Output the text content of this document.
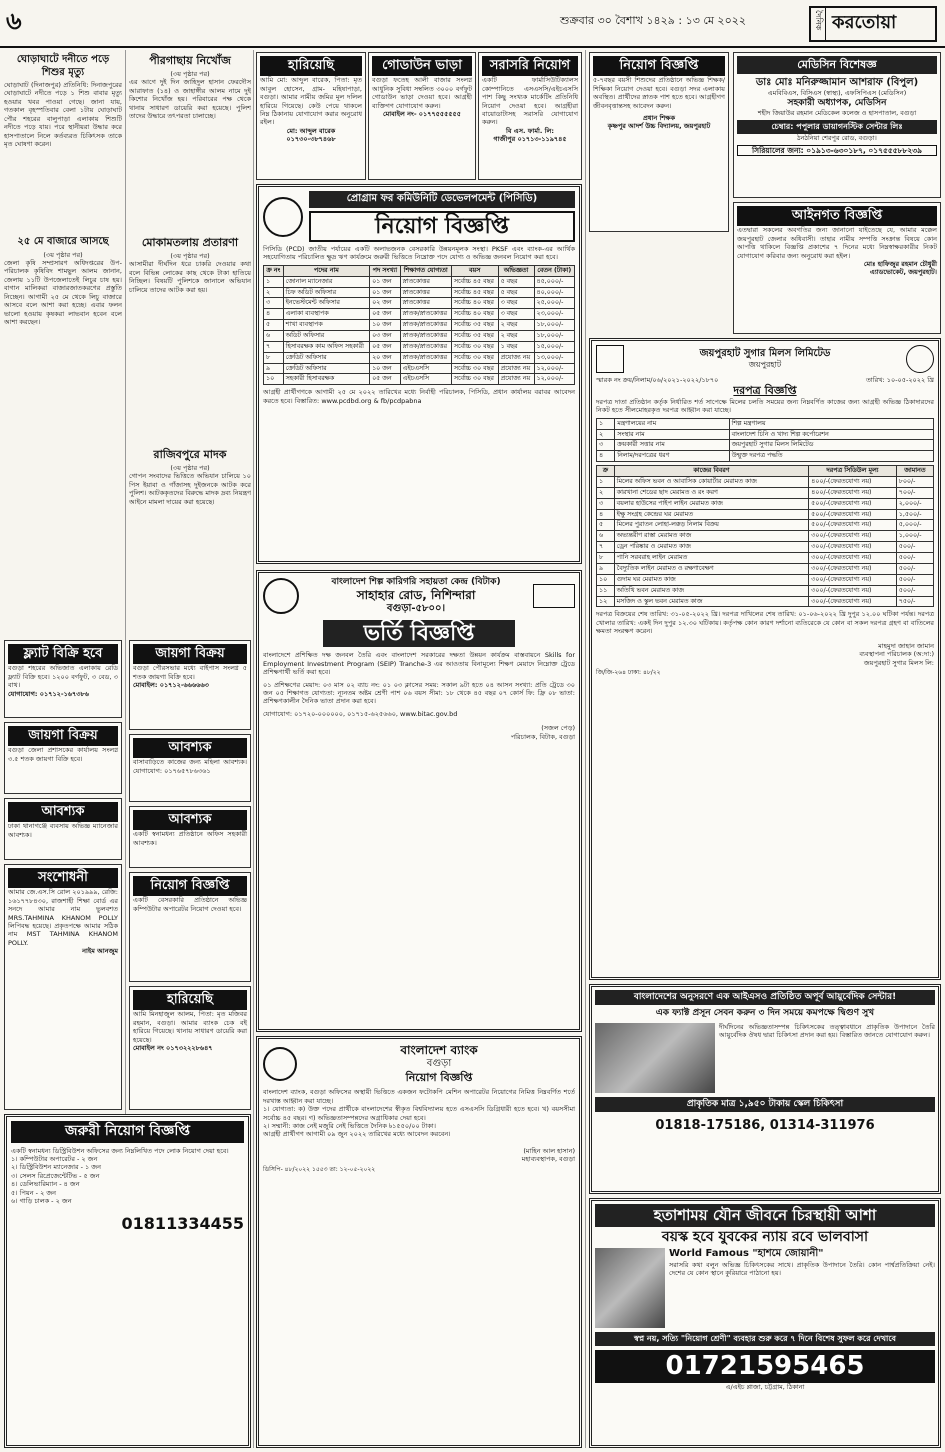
৬	শুক্রবার ৩০ বৈশাখ ১৪২৯ : ১৩ মে ২০২২	দৈনিক করতোয়া
ঘোড়াঘাটে দনীতে পড়ে শিশুর মৃত্যু
ঘোড়াঘাট (দিনাজপুর) প্রতিনিধি: দিনাজপুরের ঘোড়াঘাটে নদীতে পড়ে ১ শিশু বাবার মৃত্যু হওয়ার খবর পাওয়া গেছে। জানা যায়, গতকাল বৃহস্পতিবার বেলা ১টায় ঘোড়াঘাট পৌর শহরের বালুপাড়া এলাকায় শিশুটি নদীতে পড়ে যায়। পরে স্থানীয়রা উদ্ধার করে হাসপাতালে নিলে কর্তব্যরত চিকিৎসক তাকে মৃত ঘোষণা করেন।
২৫ মে বাজারে আসছে
(৩য় পৃষ্ঠার পর)
জেলা কৃষি সম্প্রসারণ অধিদপ্তরের উপ-পরিচালক কৃষিবিদ শামছুল আলম জানান, জেলায় ১১টি উপজেলাতেই লিচুর চাষ হয়। বাগান মালিকরা বাজারজাতকরণের প্রস্তুতি নিচ্ছেন। আগামী ২৫ মে থেকে লিচু বাজারে আসবে বলে আশা করা হচ্ছে। এবার ফলন ভালো হওয়ায় কৃষকরা লাভবান হবেন বলে আশা করছেন।
পীরগাছায় নিখোঁজ
(৩য় পৃষ্ঠার পর)
এর আগে দুই দিন জাহিদুল হাসান ফেরদৌস আরাফাত (১৪) ও জাহাঙ্গীর আলম নামে দুই কিশোর নিখোঁজ হয়। পরিবারের পক্ষ থেকে থানায় সাধারণ ডায়েরি করা হয়েছে। পুলিশ তাদের উদ্ধারে তৎপরতা চালাচ্ছে।
মোকামতলায় প্রতারণা
(৩য় পৃষ্ঠার পর)
আসামীরা দীর্ঘদিন ধরে চাকরি দেওয়ার কথা বলে বিভিন্ন লোকের কাছ থেকে টাকা হাতিয়ে নিচ্ছিল। বিষয়টি পুলিশকে জানালে অভিযান চালিয়ে তাদের আটক করা হয়।
রাজিবপুরে মাদক
(৩য় পৃষ্ঠার পর)
গোপন সংবাদের ভিত্তিতে অভিযান চালিয়ে ১০ পিস ইয়াবা ও গাঁজাসহ দুইজনকে আটক করে পুলিশ। আটককৃতদের বিরুদ্ধে মাদক দ্রব্য নিয়ন্ত্রণ আইনে মামলা দায়ের করা হয়েছে।
হারিয়েছি
আমি মো: আব্দুল বারেক, পিতা: মৃত আবুল হোসেন, গ্রাম- মহিষাপাড়া, বগুড়া। আমার নামীয় জমির মূল দলিল হারিয়ে গিয়েছে। কেউ পেয়ে থাকলে নিম্ন ঠিকানায় যোগাযোগ করার অনুরোধ রইল।
মো: আব্দুল বারেক
০১৭৩০-৩৮৭৪৬৮
গোডাউন ভাড়া
বগুড়া ফতেহ আলী বাজার সংলগ্ন আধুনিক সুবিধা সম্বলিত ৩০০০ বর্গফুট গোডাউন ভাড়া দেওয়া হবে। আগ্রহী ব্যক্তিগণ যোগাযোগ করুন।
মোবাইল নং- ০১৭৭৫৫৫৫৫৫
সরাসরি নিয়োগ
একটি ফার্মাসিউটিক্যালস কোম্পানিতে এসএসসি/এইচএসসি পাশ কিছু সংখ্যক মার্কেটিং প্রতিনিধি নিয়োগ দেওয়া হবে। আগ্রহীরা বায়োডাটাসহ সরাসরি যোগাযোগ করুন।
বি এস. ফার্মা. লি:
গাজীপুর ০১৭১৩-১১৯৭৪৫
প্রোগ্রাম ফর কমিউনিটি ডেভেলপমেন্ট (পিসিডি)
নিয়োগ বিজ্ঞপ্তি
পিসিডি (PCD) জাতীয় পর্যায়ের একটি অলাভজনক বেসরকারি উন্নয়নমূলক সংস্থা। PKSF এবং ব্যাংক-এর আর্থিক সহযোগিতায় পরিচালিত ক্ষুদ্র ঋণ কার্যক্রমে জরুরী ভিত্তিতে নিম্নোক্ত পদে যোগ্য ও অভিজ্ঞ জনবল নিয়োগ করা হবে।
ক্র নং	পদের নাম	পদ সংখ্যা	শিক্ষাগত যোগ্যতা	বয়স	অভিজ্ঞতা	বেতন (টাকা)
১	জোনাল ম্যানেজার	০১ জন	স্নাতকোত্তর	সর্বোচ্চ ৪৫ বছর	৫ বছর	৪৫,০০০/-
২	চিফ অডিট অফিসার	০১ জন	স্নাতকোত্তর	সর্বোচ্চ ৪৫ বছর	৫ বছর	৪০,০০০/-
৩	ইনভেস্টমেন্ট অফিসার	০২ জন	স্নাতকোত্তর	সর্বোচ্চ ৪০ বছর	৩ বছর	২৫,০০০/-
৪	এলাকা ব্যবস্থাপক	০৫ জন	স্নাতক/স্নাতকোত্তর	সর্বোচ্চ ৪০ বছর	৩ বছর	২৩,০০০/-
৫	শাখা ব্যবস্থাপক	১০ জন	স্নাতক/স্নাতকোত্তর	সর্বোচ্চ ৩৫ বছর	২ বছর	১৮,০০০/-
৬	অডিট অফিসার	০৩ জন	স্নাতক/স্নাতকোত্তর	সর্বোচ্চ ৩৫ বছর	২ বছর	১৮,০০০/-
৭	হিসাবরক্ষক কাম অফিস সহকারী	০৫ জন	স্নাতক/স্নাতকোত্তর	সর্বোচ্চ ৩০ বছর	১ বছর	১৫,০০০/-
৮	ক্রেডিট অফিসার	২০ জন	স্নাতক/স্নাতকোত্তর	সর্বোচ্চ ৩০ বছর	প্রযোজ্য নয়	১৩,০০০/-
৯	ক্রেডিট অফিসার	১০ জন	এইচএসসি	সর্বোচ্চ ৩০ বছর	প্রযোজ্য নয়	১২,০০০/-
১০	সহকারী হিসাবরক্ষক	০৫ জন	এইচএসসি	সর্বোচ্চ ৩০ বছর	প্রযোজ্য নয়	১২,০০০/-
আগ্রহী প্রার্থীগণকে আগামী ২৫ মে ২০২২ তারিখের মধ্যে নির্বাহী পরিচালক, পিসিডি, প্রধান কার্যালয় বরাবর আবেদন করতে হবে। বিস্তারিত: www.pcdbd.org & fb/pcdpabna
বাংলাদেশ শিল্প কারিগরি সহায়তা কেন্দ্র (বিটাক)
সাহাহার রোড, নিশিন্দারা
বগুড়া-৫৮০০।
ভর্তি বিজ্ঞপ্তি
বাংলাদেশে প্রশিক্ষিত দক্ষ জনবল তৈরি এবং বাংলাদেশ সরকারের দক্ষতা উন্নয়ন কার্যক্রম বাস্তবায়নে Skills for Employment Investment Program (SEIP) Tranche-3 এর আওতায় বিনামূল্যে শিক্ষণ মেয়াদে নিম্নোক্ত ট্রেডে প্রশিক্ষণার্থী ভর্তি করা হবে।
০১ প্রশিক্ষণের মেয়াদ: ০৩ মাস ০২ ব্যাচ নং: ০১ ০৩ ক্লাসের সময়: সকাল ৯টা হতে ০৪ আসন সংখ্যা: প্রতি ট্রেডে ৩০ জন ০৫ শিক্ষাগত যোগ্যতা: ন্যূনতম অষ্টম শ্রেণী পাশ ০৬ বয়স সীমা: ১৮ থেকে ৪৫ বছর ০৭ কোর্স ফি: ফ্রি ০৮ ভাতা: প্রশিক্ষণকালীন দৈনিক ভাতা প্রদান করা হবে।
যোগাযোগ: ০১৭২০-০০০০০০, ০১৭১৫-৬২৫৬৬০, www.bitac.gov.bd
(সজল পেড়)
পরিচালক, বিটাক, বগুড়া
বাংলাদেশ ব্যাংক
বগুড়া
নিয়োগ বিজ্ঞপ্তি
বাংলাদেশ ব্যাংক, বগুড়া অফিসের অস্থায়ী ভিত্তিতে একজন ফটোকপি মেশিন অপারেটর নিয়োগের নিমিত্ত নিম্নবর্ণিত শর্তে দরখাস্ত আহ্বান করা যাচ্ছে।
১। যোগ্যতা: ক) উক্ত পদের প্রার্থীকে বাংলাদেশের স্বীকৃত বিশ্ববিদ্যালয় হতে এসএসসি ডিগ্রিধারী হতে হবে। খ) বয়সসীমা সর্বোচ্চ ৪৫ বছর। গ) অভিজ্ঞতাসম্পন্নদের অগ্রাধিকার দেয়া হবে।
২। সম্মানী: কাজ নেই মজুরি নেই ভিত্তিতে দৈনিক ৳১৫৫০/০০ টাকা।
আগ্রহী প্রার্থীগণ আগামী ০৯ জুন ২০২২ তারিখের মধ্যে আবেদন করবেন।
(মাহিন আল হাসান)
মহাব্যবস্থাপক, বগুড়া
ডিসিপি- ৪৮/২০২২ ১৫৫৩ তা: ১২-০৫-২০২২
ফ্ল্যাট বিক্রি হবে
বগুড়া শহরের অভিজাত এলাকায় রেডি ফ্ল্যাট বিক্রি হবে। ১২০০ বর্গফুট, ৩ বেড, ৩ বাথ।
যোগাযোগ: ০১৭১২-১৬৭৩৮৬
জায়গা বিক্রয়
বগুড়া পৌরসভার মধ্যে বাইপাস সংলগ্ন ৫ শতক জায়গা বিক্রি হবে।
মোবাইল: ০১৭১২-৬৬৬৬৬৩
জায়গা বিক্রয়
বগুড়া জেলা প্রশাসকের কার্যালয় সংলগ্ন ৩.৫ শতক জায়গা বিক্রি হবে।
আবশ্যক
বাসাবাড়িতে কাজের জন্য মহিলা আবশ্যক। যোগাযোগ: ০১৭৬৫৭৮৬৩৬১
আবশ্যক
ঢাকা থানাগঞ্জে ব্যবসায় অভিজ্ঞ ম্যানেজার আবশ্যক।
আবশ্যক
একটি স্বনামধন্য প্রতিষ্ঠানে অফিস সহকারী আবশ্যক।
সংশোধনী
আমার জে.এস.সি রোল ২০১৯৯৯, রেজি: ১৬১৭৭৮৪৩০, রাজশাহী শিক্ষা বোর্ড এর সনদে আমার নাম ভুলবশত MRS.TAHMINA KHANOM POLLY লিপিবদ্ধ হয়েছে। প্রকৃতপক্ষে আমার সঠিক নাম MST TAHMINA KHANOM POLLY.
নাইম আনজুম
নিয়োগ বিজ্ঞপ্তি
একটি বেসরকারি প্রতিষ্ঠানে অভিজ্ঞ কম্পিউটার অপারেটর নিয়োগ দেওয়া হবে।
হারিয়েছি
আমি মিনহাজুল আলম, পিতা: মৃত মজিবর রহমান, বগুড়া। আমার ব্যাংক চেক বই হারিয়ে গিয়েছে। থানায় সাধারণ ডায়েরি করা হয়েছে।
মোবাইল নং ০১৭৩২২২৮৬৪৭
জরুরী নিয়োগ বিজ্ঞপ্তি
একটি স্বনামধন্য ডিস্ট্রিবিউশন অফিসের জন্য নিম্নলিখিত পদে লোক নিয়োগ দেয়া হবে।
১। কম্পিউটার অপারেটর - ২ জন
২। ডিস্ট্রিবিউশন ম্যানেজার - ১ জন
৩। সেলস রিপ্রেজেন্টেটিভ - ৫ জন
৪। ডেলিভারিম্যান - ৪ জন
৫। পিয়ন - ২ জন
৬। গাড়ি চালক - ২ জন
01811334455
নিয়োগ বিজ্ঞপ্তি
৫-৭বছর বয়সী শিশুদের প্রতিষ্ঠানে অভিজ্ঞ শিক্ষক/শিক্ষিকা নিয়োগ দেওয়া হবে। বগুড়া সদর এলাকায় অবস্থিত। প্রার্থীদের স্নাতক পাশ হতে হবে। আগ্রহীগণ জীবনবৃত্তান্তসহ আবেদন করুন।
প্রধান শিক্ষক
কৃষ্ণপুর আদর্শ উচ্চ বিদ্যালয়, জয়পুরহাট
মেডিসিন বিশেষজ্ঞ
ডাঃ মোঃ মনিরুজ্জামান আশরাফ (বিপুল)
এমবিবিএস, বিসিএস (স্বাস্থ্য), এফসিপিএস (মেডিসিন)
সহকারী অধ্যাপক, মেডিসিন
শহীদ জিয়াউর রহমান মেডিকেল কলেজ ও হাসপাতাল, বগুড়া
চেম্বার: পপুলার ডায়াগনস্টিক সেন্টার লিঃ
ঠনঠনিয়া শেরপুর রোড, বগুড়া।
সিরিয়ালের জন্য: ০১৯১৩-৬৩০১৮৭, ০১৭৫৫৫৮৮২৩৯
আইনগত বিজ্ঞপ্তি
এতদ্বারা সকলের অবগতির জন্য জানানো যাইতেছে যে, আমার মক্কেল জয়পুরহাট জেলার অধিবাসী। তাহার নামীয় সম্পত্তি সংক্রান্ত বিষয়ে কোন আপত্তি থাকিলে বিজ্ঞপ্তি প্রকাশের ৭ দিনের মধ্যে নিম্নস্বাক্ষরকারীর নিকট যোগাযোগ করিবার জন্য অনুরোধ করা হইল।
মোঃ হাফিজুর রহমান চৌধুরী
এ্যাডভোকেট, জয়পুরহাট।
জয়পুরহাট সুগার মিলস লিমিটেড
জয়পুরহাট
স্মারক নং ক্রয়/নিলাম/০৬/২০২১-২০২২/১৮৭০	তারিখ: ১০-০৫-২০২২ খ্রি
দরপত্র বিজ্ঞপ্তি
দরপত্র দাতা প্রতিষ্ঠান কর্তৃক নির্ধারিত শর্ত সাপেক্ষে মিলের চলতি সময়ের জন্য নিম্নবর্ণিত কাজের জন্য আগ্রহী অভিজ্ঞ ঠিকাদারদের নিকট হতে সীলমোহরকৃত দরপত্র আহ্বান করা যাচ্ছে।
১	মন্ত্রণালয়ের নাম	শিল্প মন্ত্রণালয়
২	সংস্থার নাম	বাংলাদেশ চিনি ও খাদ্য শিল্প কর্পোরেশন
৩	ক্রয়কারী সত্তার নাম	জয়পুরহাট সুগার মিলস লিমিটেড
৪	নিলাম/দরপত্রের ধরণ	উন্মুক্ত দরপত্র পদ্ধতি
ক্র	কাজের বিবরণ	দরপত্র সিডিউল মূল্য	জামানত
১	মিলের অফিস ভবন ও আবাসিক কোয়ার্টার মেরামত কাজ	৪০০/-(ফেরতযোগ্য নয়)	৮০০/-
২	কারখানা শেডের ছাদ মেরামত ও রং করণ	৪০০/-(ফেরতযোগ্য নয়)	৭০০/-
৩	বয়লার হাউসের পাইপ লাইন মেরামত কাজ	৫০০/-(ফেরতযোগ্য নয়)	২,০০০/-
৪	ইক্ষু সংগ্রহ কেন্দ্রের ঘর মেরামত	৫০০/-(ফেরতযোগ্য নয়)	১,৫০০/-
৫	মিলের পুরাতন লোহা-লক্কড় নিলাম বিক্রয়	৫০০/-(ফেরতযোগ্য নয়)	৫,০০০/-
৬	অভ্যন্তরীণ রাস্তা মেরামত কাজ	৩০০/-(ফেরতযোগ্য নয়)	১,০০০/-
৭	ড্রেন পরিষ্কার ও মেরামত কাজ	৩০০/-(ফেরতযোগ্য নয়)	৫০০/-
৮	পানি সরবরাহ লাইন মেরামত	৩০০/-(ফেরতযোগ্য নয়)	৫০০/-
৯	বৈদ্যুতিক লাইন মেরামত ও রক্ষণাবেক্ষণ	৩০০/-(ফেরতযোগ্য নয়)	৫০০/-
১০	গুদাম ঘর মেরামত কাজ	৩০০/-(ফেরতযোগ্য নয়)	৫০০/-
১১	অতিথি ভবন মেরামত কাজ	৩০০/-(ফেরতযোগ্য নয়)	৫০০/-
১২	মসজিদ ও স্কুল ভবন মেরামত কাজ	৩০০/-(ফেরতযোগ্য নয়)	৭৫০/-
দরপত্র বিক্রয়ের শেষ তারিখ: ৩১-০৫-২০২২ খ্রি। দরপত্র দাখিলের শেষ তারিখ: ০১-০৬-২০২২ খ্রি দুপুর ১২.০০ ঘটিকা পর্যন্ত। দরপত্র খোলার তারিখ: একই দিন দুপুর ১২.৩০ ঘটিকায়। কর্তৃপক্ষ কোন কারণ দর্শানো ব্যতিরেকে যে কোন বা সকল দরপত্র গ্রহণ বা বাতিলের ক্ষমতা সংরক্ষণ করেন।
মাহমুদা জাহান জামান
ব্যবস্থাপনা পরিচালক (অ:দা:)
জয়পুরহাট সুগার মিলস লি:
জি/জি-২৬৪ ঢাকা: ৪৮/২২
বাংলাদেশের অনুসরণে এক আইএসও প্রতিষ্ঠিত অপূর্ব আয়ুর্বেদিক সেন্টার!
এক ফ্যাক্ট প্রসূন সেবন করুন ৩ দিন সময়ে কমপক্ষে দ্বিগুণ সুখ
দীর্ঘদিনের অভিজ্ঞতাসম্পন্ন চিকিৎসকের তত্ত্বাবধানে প্রাকৃতিক উপাদানে তৈরি আয়ুর্বেদিক ঔষধ দ্বারা চিকিৎসা প্রদান করা হয়। বিস্তারিত জানতে যোগাযোগ করুন।
প্রাকৃতিক মাত্র ১,৯৫০ টাকায় স্কেল চিকিৎসা
01818-175186, 01314-311976
হতাশাময় যৌন জীবনে চিরস্থায়ী আশা
বয়স্ক হবে যুবকের ন্যায় রবে ভালবাসা
World Famous "হাশমে জোয়ানী"
সরাসরি কথা বলুন অভিজ্ঞ চিকিৎসকের সাথে। প্রাকৃতিক উপাদানে তৈরি। কোন পার্শ্বপ্রতিক্রিয়া নেই। দেশের যে কোন স্থানে কুরিয়ারে পাঠানো হয়।
স্বপ্ন নয়, সত্যি "নিয়োগ শ্রেণী" ব্যবহার শুরু করে ৭ দিনে বিশেষ সুফল করে দেখাবে
01721595465
এ/এইচ প্লাজা, চট্টগ্রাম, ঠিকানা
